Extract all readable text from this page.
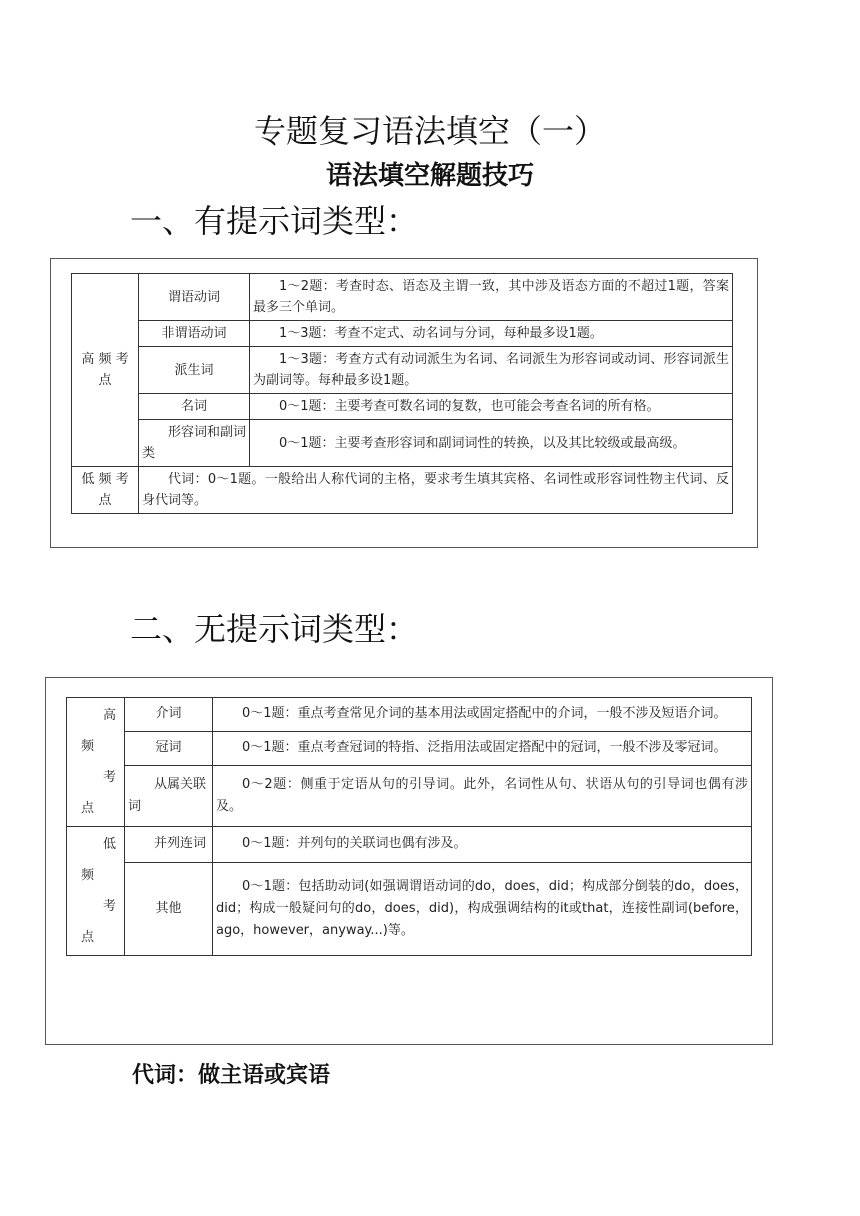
专题复习语法填空（一）
语法填空解题技巧
一、有提示词类型：
高 频 考点	谓语动词	1～2题：考查时态、语态及主谓一致，其中涉及语态方面的不超过1题，答案最多三个单词。
	非谓语动词	1～3题：考查不定式、动名词与分词，每种最多设1题。
	派生词	1～3题：考查方式有动词派生为名词、名词派生为形容词或动词、形容词派生为副词等。每种最多设1题。
	名词	0～1题：主要考查可数名词的复数，也可能会考查名词的所有格。
	形容词和副词类	0～1题：主要考查形容词和副词词性的转换，以及其比较级或最高级。
低 频 考点	代词：0～1题。一般给出人称代词的主格，要求考生填其宾格、名词性或形容词性物主代词、反身代词等。	
二、无提示词类型：
高
频
考
点	介词	0～1题：重点考查常见介词的基本用法或固定搭配中的介词，一般不涉及短语介词。
	冠词	0～1题：重点考查冠词的特指、泛指用法或固定搭配中的冠词，一般不涉及零冠词。
	从属关联词	0～2题：侧重于定语从句的引导词。此外，名词性从句、状语从句的引导词也偶有涉及。

低
频
考
点	并列连词	0～1题：并列句的关联词也偶有涉及。
	其他	0～1题：包括助动词(如强调谓语动词的do，does，did；构成部分倒装的do，does，did；构成一般疑问句的do，does，did)，构成强调结构的it或that，连接性副词(before，ago，however，anyway...)等。
代词：做主语或宾语
